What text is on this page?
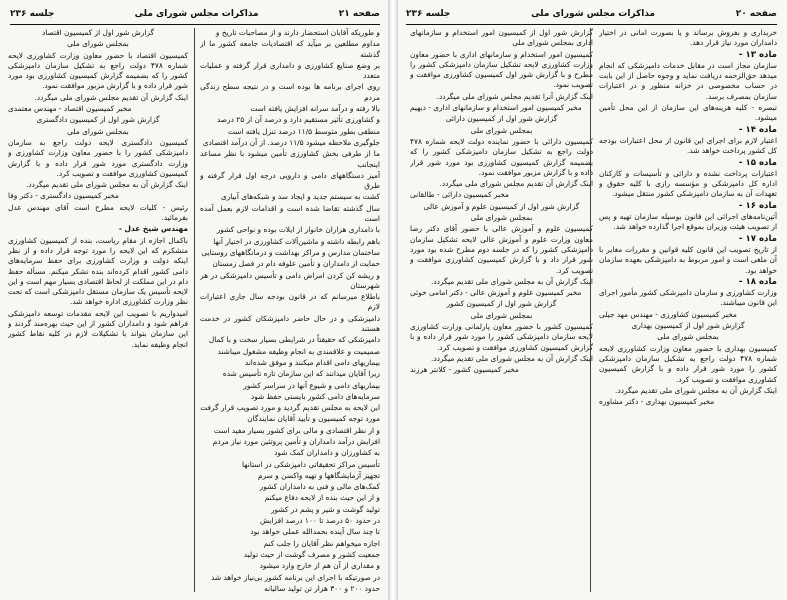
صفحه ۲۱
مذاکرات مجلس شورای ملی
جلسه ۲۳۶

و طوریکه آقایان استحضار دارند و از مصاحبات تاریخ و

مداوم مطلعین بر میآید که اقتصادیات جامعه کشور ما از گذشته

بر وضع صنایع کشاورزی و دامداری قرار گرفته و عملیات متعدد

روی اجرای برنامه ها بوده است و در نتیجه سطح زندگی مردم

بالا رفته و درآمد سرانه افزایش یافته است

و کشاورزی تأثیر مستقیم دارد و درصد آن از ۲۵ درصد

منطقی بطور متوسط ۱۱/۵ درصد تنزل یافته است

جلوگیری ملاحظه میشود ۱۱/۵ درصد. از آن درآمد اقتصادی

ما از طرفی بخش کشاورزی تأمین میشود با نظر مساعد اینجانب

آمیز دستگاههای دامی و دارویی درجه اول قرار گرفته و طرق

کشت به سیستم جدید و ایجاد سد و شبکه‌های آبیاری

سال گذشته تقاضا شده است و اقدامات لازم بعمل آمده است

با دامداری هزاران خانوار از ایلات بوده و نواحی کشور

باهم رابطه داشته و ماشین‌آلات کشاورزی در اختیار آنها

ساختمان مدارس و مراکز بهداشت و درمانگاههای روستایی

حمایت از دامداران و تأمین علوفه دام در فصل زمستان

و ریشه کن کردن امراض دامی و تأسیس دامپزشکی در هر شهرستان

باطلاع میرسانم که در قانون بودجه سال جاری اعتبارات لازم

دامپزشکی و در حال حاضر دامپزشکان کشور در خدمت هستند

دامپزشکی که حقیقتاً در شرایطی بسیار سخت و با کمال

صمیمیت و علاقمندی به انجام وظیفه مشغول میباشند

بیماریهای دامی اقدام میکنند و موفق شده‌اند

زیرا آقایان میدانند که این سازمان تازه تأسیس شده

بیماریهای دامی و شیوع آنها در سراسر کشور

سرمایه‌های دامی کشور بایستی حفظ شود

این لایحه به مجلس تقدیم گردید و مورد تصویب قرار گرفت

مورد توجه کمیسیون و تأیید آقایان نمایندگان

و از نظر اقتصادی و مالی برای کشور بسیار مفید است

افزایش درآمد دامداران و تأمین پروتئین مورد نیاز مردم

به کشاورزان و دامداران کمک شود

تأسیس مراکز تحقیقاتی دامپزشکی در استانها

تجهیز آزمایشگاهها و تهیه واکسن و سرم

کمک‌های مالی و فنی به دامداران کشور

و از این حیث بنده از لایحه دفاع میکنم

تولید گوشت و شیر و پشم در کشور

در حدود ۵۰ درصد تا ۱۰۰ درصد افزایش

تا چند سال آینده بحمدالله عملی خواهد بود

اجازه میخواهم نظر آقایان را جلب کنم

جمعیت کشور و مصرف گوشت از حیث تولید

و مقداری از آن هم از خارج وارد میشود

در صورتیکه با اجرای این برنامه کشور بی‌نیاز خواهد شد

حدود ۲۰۰ و ۳۰۰ هزار تن تولید سالیانه

گزارش شور اول از کمیسیون اقتصاد

بمجلس شورای ملی

کمیسیون اقتصاد با حضور معاون وزارت کشاورزی لایحه شماره ۴۷۸ دولت راجع به تشکیل سازمان دامپزشکی کشور را که بضمیمه گزارش کمیسیون کشاورزی بود مورد شور قرار داده و با گزارش مزبور موافقت نمود.

اینک گزارش آن تقدیم مجلس شورای ملی میگردد.

مخبر کمیسیون اقتصاد - مهندس معتمدی

گزارش شور اول از کمیسیون دادگستری

بمجلس شورای ملی

کمیسیون دادگستری لایحه دولت راجع به سازمان دامپزشکی کشور را با حضور معاون وزارت کشاورزی و وزارت دادگستری مورد شور قرار داده و با گزارش کمیسیون کشاورزی موافقت و تصویب کرد.

اینک گزارش آن به مجلس شورای ملی تقدیم میگردد.

مخبر کمیسیون دادگستری - دکتر وفا

رئیس - کلیات لایحه مطرح است آقای مهندس عدل بفرمائید.

مهندس شیخ عدل -

باکمال اجازه از مقام ریاست، بنده از کمیسیون کشاورزی متشکرم که این لایحه را مورد توجه قرار داده و از نظر اینکه دولت و وزارت کشاورزی برای حفظ سرمایه‌های دامی کشور اقدام کرده‌اند بنده تشکر میکنم. مسأله حفظ دام در این مملکت از لحاظ اقتصادی بسیار مهم است و این لایحه تأسیس یک سازمان مستقل دامپزشکی است که تحت نظر وزارت کشاورزی اداره خواهد شد.

امیدواریم با تصویب این لایحه مقدمات توسعه دامپزشکی فراهم شود و دامداران کشور از این حیث بهره‌مند گردند و این سازمان بتواند با تشکیلات لازم در کلیه نقاط کشور انجام وظیفه نماید.

صفحه ۲۰
مذاکرات مجلس شورای ملی
جلسه ۲۳۶

گزارش شور اول از کمیسیون امور استخدام و سازمانهای اداری بمجلس شورای ملی

کمیسیون امور استخدام و سازمانهای اداری با حضور معاون وزارت کشاورزی لایحه تشکیل سازمان دامپزشکی کشور را مطرح و با گزارش شور اول کمیسیون کشاورزی موافقت و تصویب نمود.

اینک گزارش آنرا تقدیم مجلس شورای ملی میگردد.

مخبر کمیسیون امور استخدام و سازمانهای اداری - دیهیم

گزارش شور اول از کمیسیون دارائی

بمجلس شورای ملی

کمیسیون دارائی با حضور نماینده دولت لایحه شماره ۴۷۸ دولت راجع به تشکیل سازمان دامپزشکی کشور را که بضمیمه گزارش کمیسیون کشاورزی بود مورد شور قرار داده و با گزارش مزبور موافقت نمود.

اینک گزارش آن تقدیم مجلس شورای ملی میگردد.

مخبر کمیسیون دارائی - طالقانی

گزارش شور اول از کمیسیون علوم و آموزش عالی

بمجلس شورای ملی

کمیسیون علوم و آموزش عالی با حضور آقای دکتر رضا معاون وزارت علوم و آموزش عالی لایحه تشکیل سازمان دامپزشکی کشور را که در جلسه دوم مطرح شده بود مورد شور قرار داد و با گزارش کمیسیون کشاورزی موافقت و تصویب کرد.

اینک گزارش آن به مجلس شورای ملی تقدیم میگردد.

مخبر کمیسیون علوم و آموزش عالی - دکتر امامی خوئی

گزارش شور اول از کمیسیون کشور

بمجلس شورای ملی

کمیسیون کشور با حضور معاون پارلمانی وزارت کشاورزی لایحه سازمان دامپزشکی کشور را مورد شور قرار داده و با گزارش کمیسیون کشاورزی موافقت و تصویب کرد.

اینک گزارش آن به مجلس شورای ملی تقدیم میگردد.

مخبر کمیسیون کشور - کلانتر هرزند

خریداری و بفروش برساند و یا بصورت امانی در اختیار دامداران مورد نیاز قرار دهد.

ماده ۱۳ -

سازمان مجاز است در مقابل خدمات دامپزشکی که انجام میدهد حق‌الزحمه دریافت نماید و وجوه حاصل از این بابت در حساب مخصوصی در خزانه منظور و در اعتبارات سازمان بمصرف برسد.

تبصره - کلیه هزینه‌های این سازمان از این محل تأمین میشود.

ماده ۱۴ -

اعتبار لازم برای اجرای این قانون از محل اعتبارات بودجه کل کشور پرداخت خواهد شد.

ماده ۱۵ -

اعتبارات پرداخت نشده و دارائی و تأسیسات و کارکنان اداره کل دامپزشکی و مؤسسه رازی با کلیه حقوق و تعهدات آن به سازمان دامپزشکی کشور منتقل میشود.

ماده ۱۶ -

آئین‌نامه‌های اجرائی این قانون بوسیله سازمان تهیه و پس از تصویب هیئت وزیران بموقع اجرا گذارده خواهد شد.

ماده ۱۷ -

از تاریخ تصویب این قانون کلیه قوانین و مقررات مغایر با آن ملغی است و امور مربوط به دامپزشکی بعهده سازمان خواهد بود.

ماده ۱۸ -

وزارت کشاورزی و سازمان دامپزشکی کشور مأمور اجرای این قانون میباشند.

مخبر کمیسیون کشاورزی - مهندس مهد جیلی

گزارش شور اول از کمیسیون بهداری

بمجلس شورای ملی

کمیسیون بهداری با حضور معاون وزارت کشاورزی لایحه شماره ۴۷۸ دولت راجع به تشکیل سازمان دامپزشکی کشور را مورد شور قرار داده و با گزارش کمیسیون کشاورزی موافقت و تصویب کرد.

اینک گزارش آن به مجلس شورای ملی تقدیم میگردد.

مخبر کمیسیون بهداری - دکتر مشاوره
